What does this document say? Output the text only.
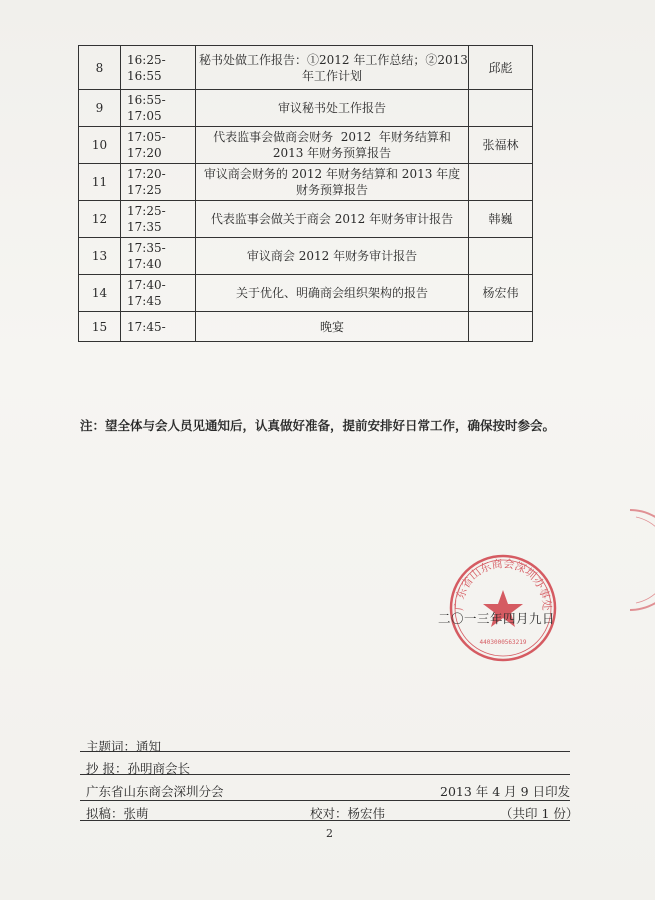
8	16:25-16:55	秘书处做工作报告：①2012 年工作总结；②2013
年工作计划	邱彪
9	16:55-17:05	审议秘书处工作报告	

10	17:05-17:20	代表监事会做商会财务  2012  年财务结算和
2013 年财务预算报告	张福林
11	17:20-17:25	审议商会财务的 2012 年财务结算和 2013 年度
财务预算报告	

12	17:25-17:35	代表监事会做关于商会 2012 年财务审计报告	韩巍
13	17:35-17:40	审议商会 2012 年财务审计报告	

14	17:40-17:45	关于优化、明确商会组织架构的报告	杨宏伟
15	17:45-	晚宴	

注：望全体与会人员见通知后，认真做好准备，提前安排好日常工作，确保按时参会。
广东省山东商会深圳办事处
4403000563219
二〇一三年四月九日
主题词：通知
抄 报：孙明商会长
广东省山东商会深圳分会	2013 年 4 月 9 日印发
拟稿：张萌	校对：杨宏伟	（共印 1 份）
2
